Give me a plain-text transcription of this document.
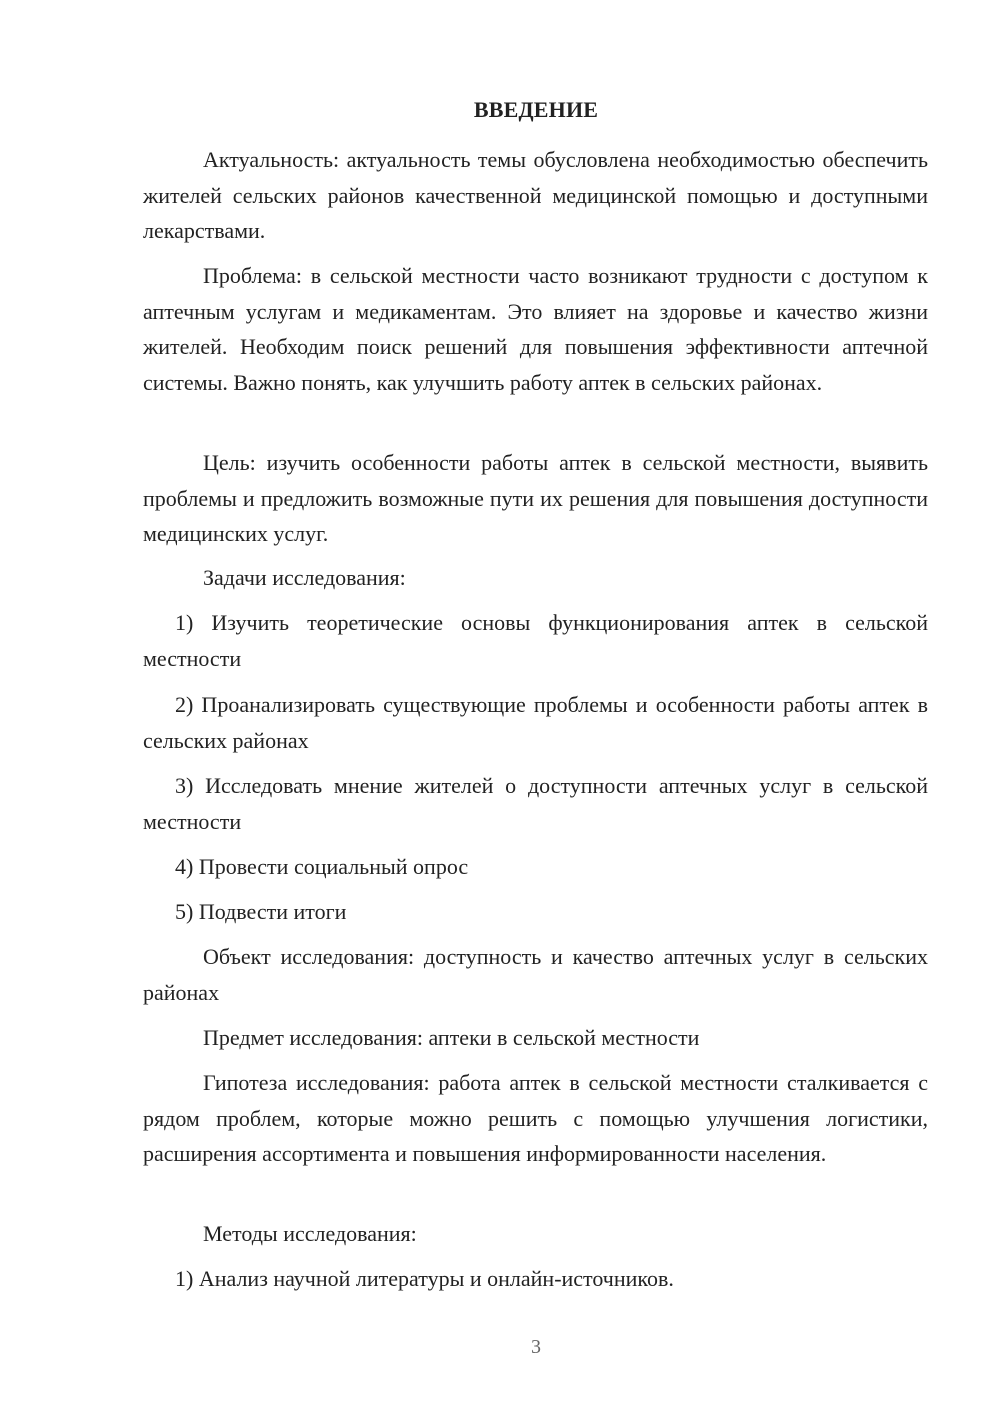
ВВЕДЕНИЕ
Актуальность: актуальность темы обусловлена необходимостью обеспечить жителей сельских районов качественной медицинской помощью и доступными лекарствами.
Проблема: в сельской местности часто возникают трудности с доступом к аптечным услугам и медикаментам. Это влияет на здоровье и качество жизни жителей. Необходим поиск решений для повышения эффективности аптечной системы. Важно понять, как улучшить работу аптек в сельских районах.
Цель: изучить особенности работы аптек в сельской местности, выявить проблемы и предложить возможные пути их решения для повышения доступности медицинских услуг.
Задачи исследования:
1) Изучить теоретические основы функционирования аптек в сельской местности
2) Проанализировать существующие проблемы и особенности работы аптек в сельских районах
3) Исследовать мнение жителей о доступности аптечных услуг в сельской местности
4) Провести социальный опрос
5) Подвести итоги
Объект исследования: доступность и качество аптечных услуг в сельских районах
Предмет исследования: аптеки в сельской местности
Гипотеза исследования: работа аптек в сельской местности сталкивается с рядом проблем, которые можно решить с помощью улучшения логистики, расширения ассортимента и повышения информированности населения.
Методы исследования:
1) Анализ научной литературы и онлайн-источников.
3
